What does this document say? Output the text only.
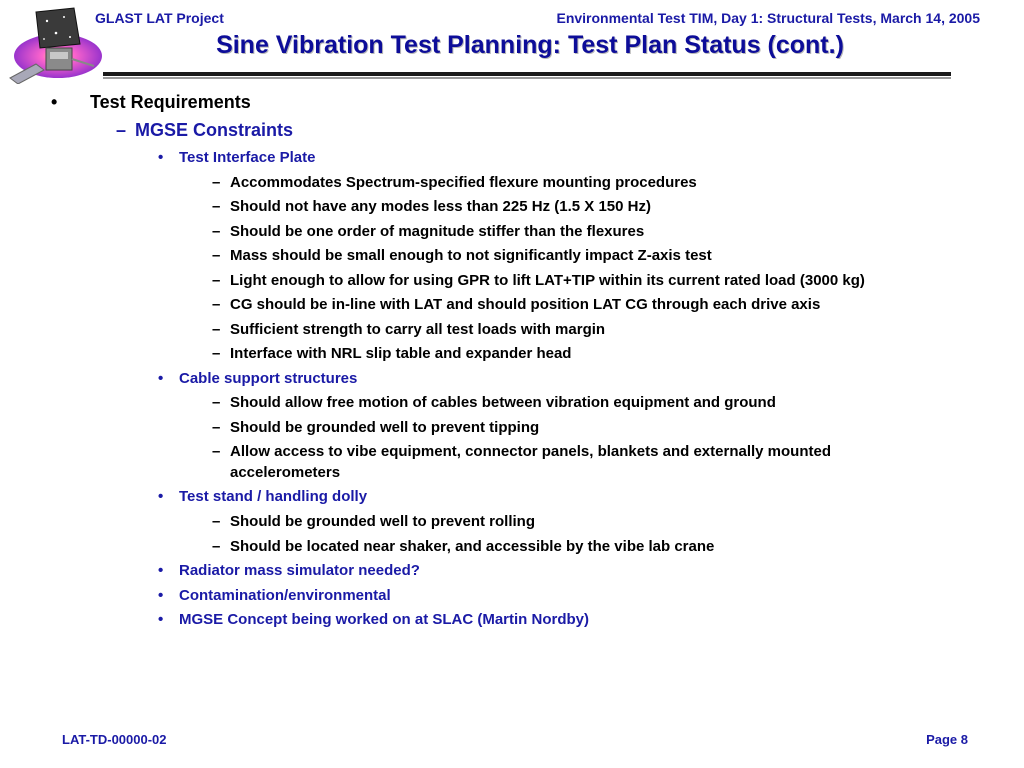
GLAST LAT Project	Environmental Test TIM, Day 1: Structural Tests, March 14, 2005
Sine Vibration Test Planning: Test Plan Status (cont.)
• Test Requirements
– MGSE Constraints
• Test Interface Plate
– Accommodates Spectrum-specified flexure mounting procedures
– Should not have any modes less than 225 Hz (1.5 X 150 Hz)
– Should be one order of magnitude stiffer than the flexures
– Mass should be small enough to not significantly impact Z-axis test
– Light enough to allow for using GPR to lift LAT+TIP within its current rated load (3000 kg)
– CG should be in-line with LAT and should position LAT CG through each drive axis
– Sufficient strength to carry all test loads with margin
– Interface with NRL slip table and expander head
• Cable support structures
– Should allow free motion of cables between vibration equipment and ground
– Should be grounded well to prevent tipping
– Allow access to vibe equipment, connector panels, blankets and externally mounted
accelerometers
• Test stand / handling dolly
– Should be grounded well to prevent rolling
– Should be located near shaker, and accessible by the vibe lab crane
• Radiator mass simulator needed?
• Contamination/environmental
• MGSE Concept being worked on at SLAC (Martin Nordby)
LAT-TD-00000-02	Page 8
